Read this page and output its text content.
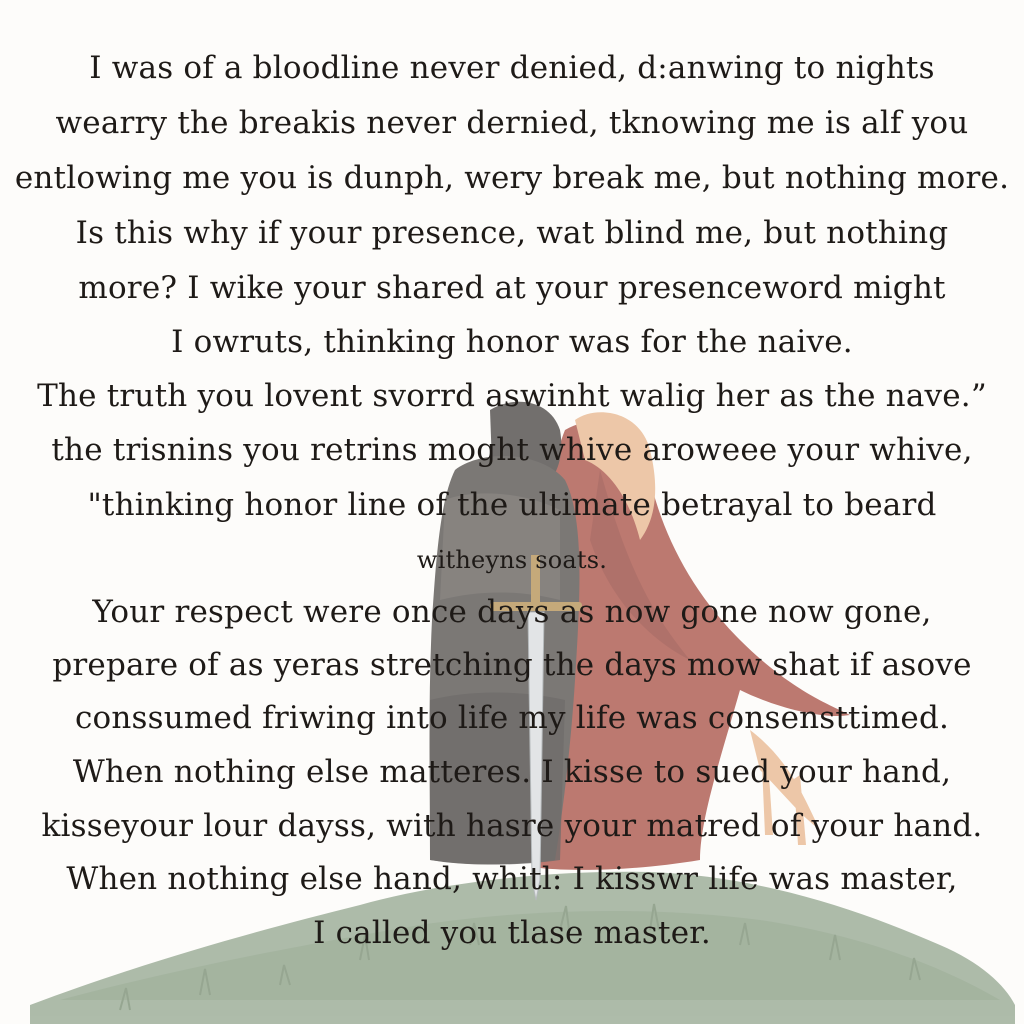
I was of a bloodline never denied, d:anwing to nights
wearry the breakis never dernied, tknowing me is alf you
entlowing me you is dunph, wery break me, but nothing more.
Is this why if your presence, wat blind me, but nothing
more? I wike your shared at your presenceword might
I owruts, thinking honor was for the naive.
The truth you lovent svorrd aswinht walig her as the nave.”
the trisnins you retrins moght whive aroweee your whive,
"thinking honor line of the ultimate betrayal to beard
witheyns soats.
Your respect were once days as now gone now gone,
prepare of as yeras stretching the days mow shat if asove
conssumed friwing into life my life was consensttimed.
When nothing else matteres. I kisse to sued your hand,
kisseyour lour dayss, with hasre your matred of your hand.
When nothing else hand, whitl: I kisswr life was master,
I called you tlase master.
